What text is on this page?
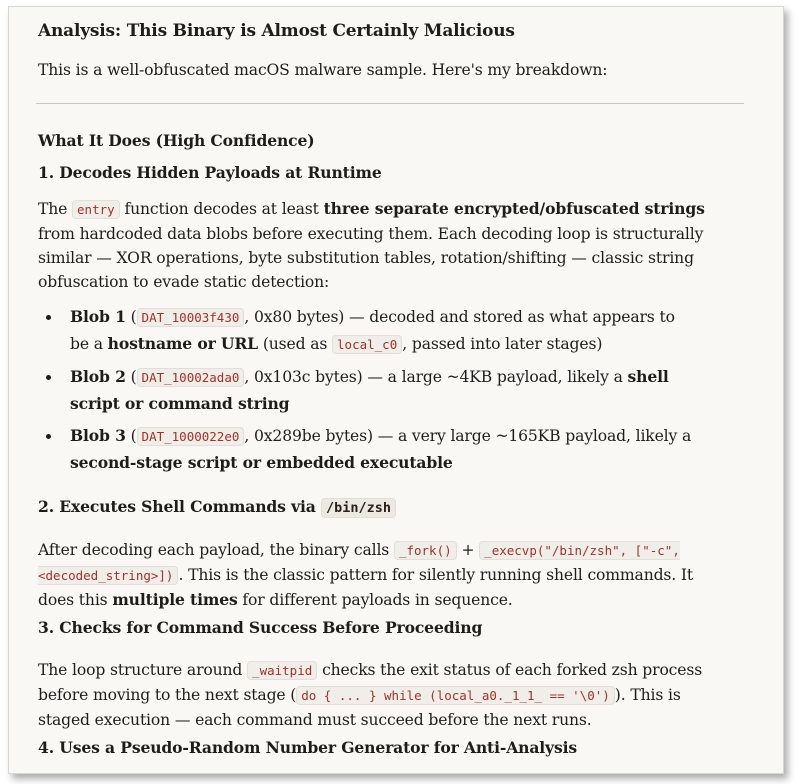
Analysis: This Binary is Almost Certainly Malicious

This is a well-obfuscated macOS malware sample. Here's my breakdown:

What It Does (High Confidence)
1. Decodes Hidden Payloads at Runtime

The entry function decodes at least three separate encrypted/obfuscated strings from hardcoded data blobs before executing them. Each decoding loop is structurally similar — XOR operations, byte substitution tables, rotation/shifting — classic string obfuscation to evade static detection:

Blob 1 ( DAT_10003f430 , 0x80 bytes) — decoded and stored as what appears to be a hostname or URL (used as local_c0 , passed into later stages)
Blob 2 ( DAT_10002ada0 , 0x103c bytes) — a large ~4KB payload, likely a shell script or command string
Blob 3 ( DAT_1000022e0 , 0x289be bytes) — a very large ~165KB payload, likely a second-stage script or embedded executable
2. Executes Shell Commands via /bin/zsh

After decoding each payload, the binary calls _fork() + _execvp("/bin/zsh", ["-c", <decoded_string>]) . This is the classic pattern for silently running shell commands. It does this multiple times for different payloads in sequence.

3. Checks for Command Success Before Proceeding

The loop structure around _waitpid checks the exit status of each forked zsh process before moving to the next stage ( do { ... } while (local_a0._1_1_ == '\0') ). This is staged execution — each command must succeed before the next runs.

4. Uses a Pseudo-Random Number Generator for Anti-Analysis
